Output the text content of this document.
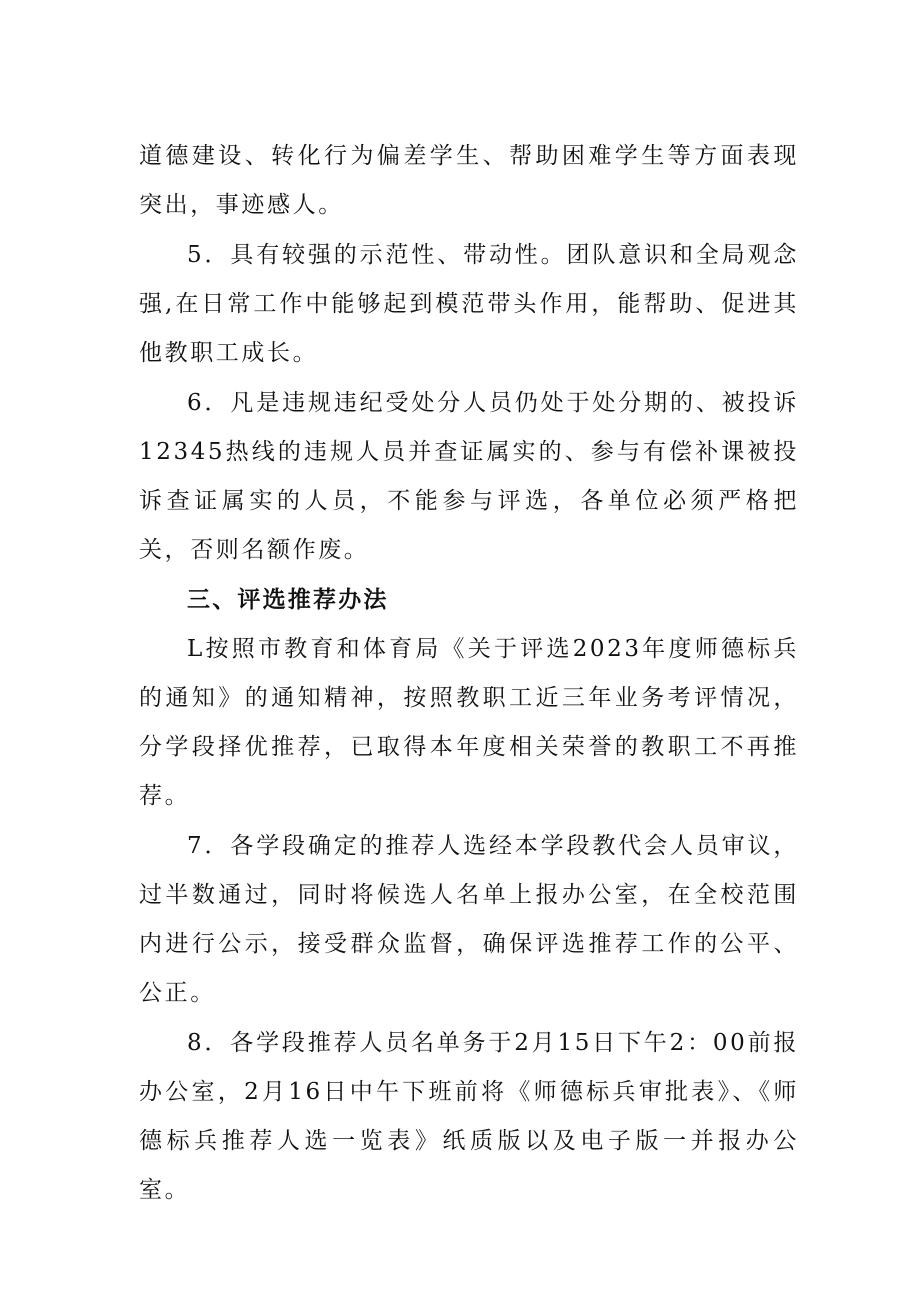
道德建设、转化行为偏差学生、帮助困难学生等方面表现突出，事迹感人。

5．具有较强的示范性、带动性。团队意识和全局观念强,在日常工作中能够起到模范带头作用，能帮助、促进其他教职工成长。

6．凡是违规违纪受处分人员仍处于处分期的、被投诉12345热线的违规人员并查证属实的、参与有偿补课被投诉查证属实的人员，不能参与评选，各单位必须严格把关，否则名额作废。

三、评选推荐办法

L按照市教育和体育局《关于评选2023年度师德标兵的通知》的通知精神，按照教职工近三年业务考评情况，分学段择优推荐，已取得本年度相关荣誉的教职工不再推荐。

7．各学段确定的推荐人选经本学段教代会人员审议，过半数通过，同时将候选人名单上报办公室，在全校范围内进行公示，接受群众监督，确保评选推荐工作的公平、公正。

8．各学段推荐人员名单务于2月15日下午2：00前报办公室，2月16日中午下班前将《师德标兵审批表》、《师德标兵推荐人选一览表》纸质版以及电子版一并报办公室。
